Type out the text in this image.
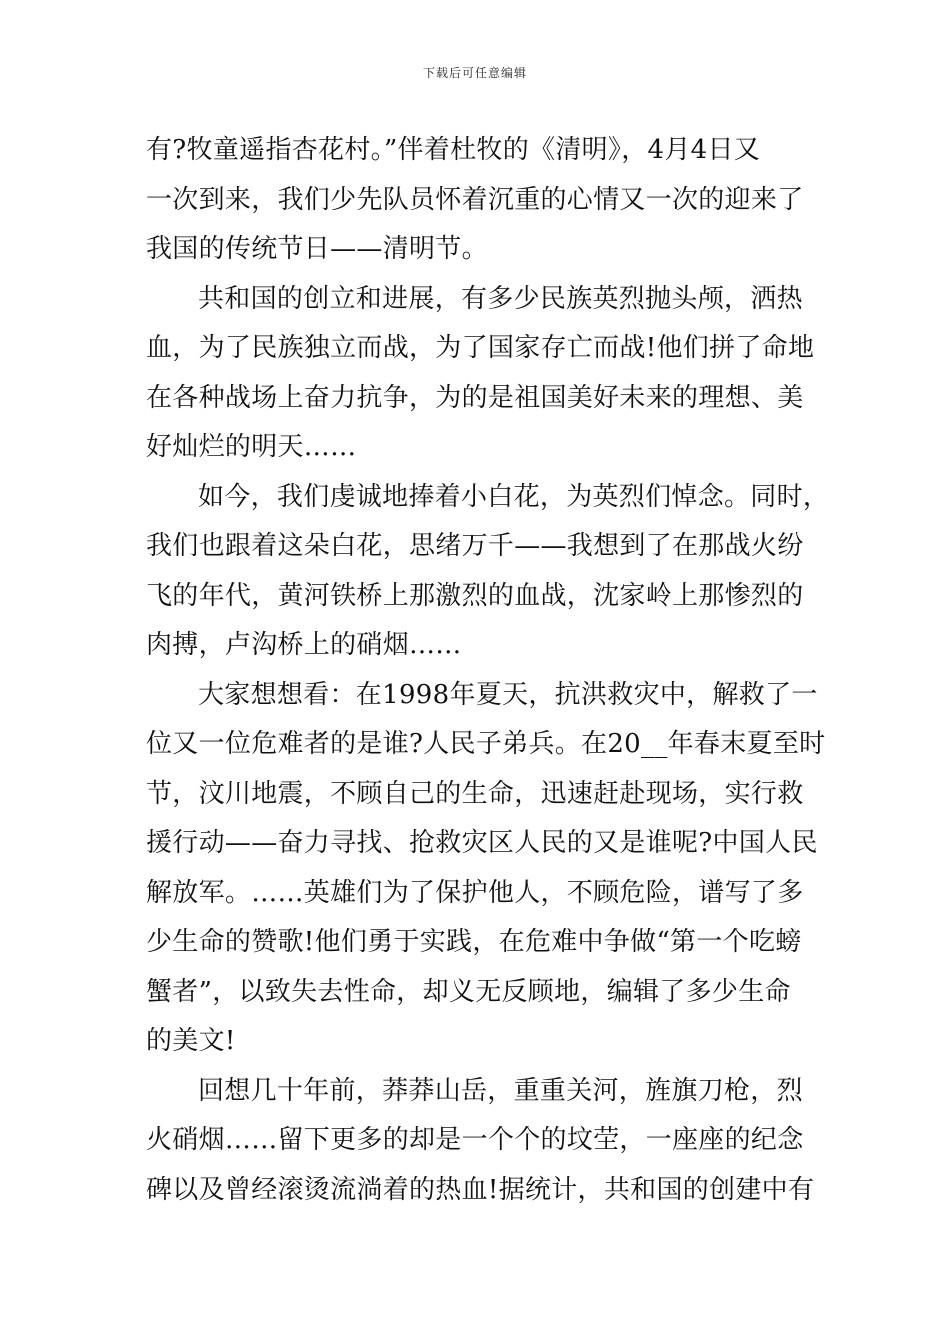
下载后可任意编辑
有?牧童遥指杏花村。”伴着杜牧的《清明》，4月4日又
一次到来，我们少先队员怀着沉重的心情又一次的迎来了
我国的传统节日——清明节。
共和国的创立和进展，有多少民族英烈抛头颅，洒热
血，为了民族独立而战，为了国家存亡而战!他们拼了命地
在各种战场上奋力抗争，为的是祖国美好未来的理想、美
好灿烂的明天……
如今，我们虔诚地捧着小白花，为英烈们悼念。同时，
我们也跟着这朵白花，思绪万千——我想到了在那战火纷
飞的年代，黄河铁桥上那激烈的血战，沈家岭上那惨烈的
肉搏，卢沟桥上的硝烟……
大家想想看：在1998年夏天，抗洪救灾中，解救了一
位又一位危难者的是谁?人民子弟兵。在20__年春末夏至时
节，汶川地震，不顾自己的生命，迅速赶赴现场，实行救
援行动——奋力寻找、抢救灾区人民的又是谁呢?中国人民
解放军。……英雄们为了保护他人，不顾危险，谱写了多
少生命的赞歌!他们勇于实践，在危难中争做“第一个吃螃
蟹者”，以致失去性命，却义无反顾地，编辑了多少生命
的美文!
回想几十年前，莽莽山岳，重重关河，旌旗刀枪，烈
火硝烟……留下更多的却是一个个的坟茔，一座座的纪念
碑以及曾经滚烫流淌着的热血!据统计，共和国的创建中有
